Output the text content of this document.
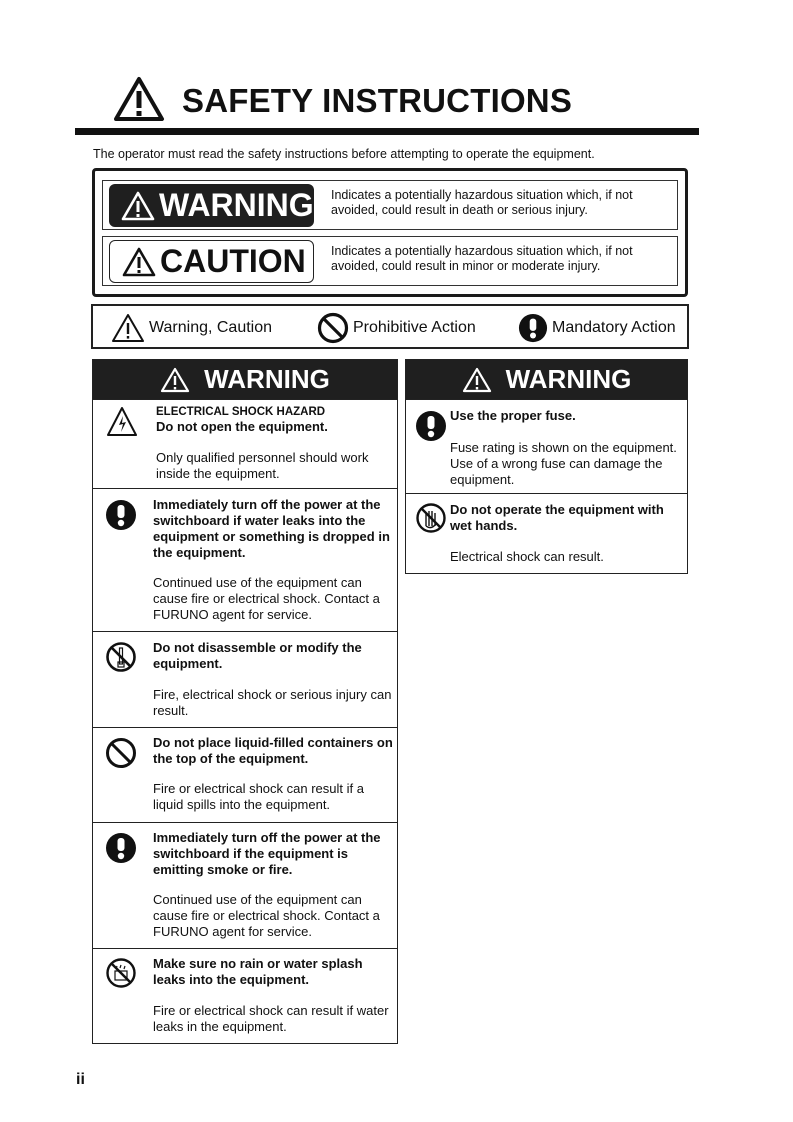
SAFETY INSTRUCTIONS
The operator must read the safety instructions before attempting to operate the equipment.
WARNING Indicates a potentially hazardous situation which, if not avoided, could result in death or serious injury.
CAUTION Indicates a potentially hazardous situation which, if not avoided, could result in minor or moderate injury.
Warning, Caution	Prohibitive Action	Mandatory Action
WARNING
ELECTRICAL SHOCK HAZARD
Do not open the equipment.
Only qualified personnel should work inside the equipment.
Immediately turn off the power at the switchboard if water leaks into the equipment or something is dropped in the equipment.
Continued use of the equipment can cause fire or electrical shock. Contact a FURUNO agent for service.
Do not disassemble or modify the equipment.
Fire, electrical shock or serious injury can result.
Do not place liquid-filled containers on the top of the equipment.
Fire or electrical shock can result if a liquid spills into the equipment.
Immediately turn off the power at the switchboard if the equipment is emitting smoke or fire.
Continued use of the equipment can cause fire or electrical shock. Contact a FURUNO agent for service.
Make sure no rain or water splash leaks into the equipment.
Fire or electrical shock can result if water leaks in the equipment.
WARNING
Use the proper fuse.
Fuse rating is shown on the equipment. Use of a wrong fuse can damage the equipment.
Do not operate the equipment with wet hands.
Electrical shock can result.
ii
